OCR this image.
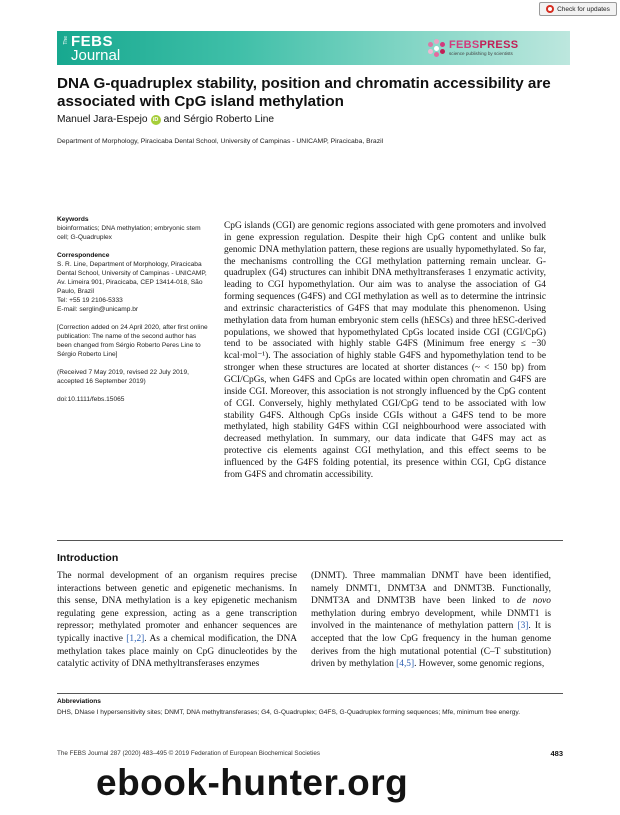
Check for updates
The FEBS
Journal
FEBSPRESS
science publishing by scientists
DNA G-quadruplex stability, position and chromatin accessibility are associated with CpG island methylation
Manuel Jara-Espejo iD and Sérgio Roberto Line
Department of Morphology, Piracicaba Dental School, University of Campinas - UNICAMP, Piracicaba, Brazil

Keywords

bioinformatics; DNA methylation; embryonic stem cell; G-Quadruplex

Correspondence

S. R. Line, Department of Morphology, Piracicaba Dental School, University of Campinas - UNICAMP, Av. Limeira 901, Piracicaba, CEP 13414-018, São Paulo, Brazil

Tel: +55 19 2106-5333

E-mail: serglin@unicamp.br

[Correction added on 24 April 2020, after first online publication: The name of the second author has been changed from Sérgio Roberto Peres Line to Sérgio Roberto Line]

(Received 7 May 2019, revised 22 July 2019, accepted 16 September 2019)

doi:10.1111/febs.15065

CpG islands (CGI) are genomic regions associated with gene promoters and involved in gene expression regulation. Despite their high CpG content and unlike bulk genomic DNA methylation pattern, these regions are usually hypomethylated. So far, the mechanisms controlling the CGI methylation patterning remain unclear. G-quadruplex (G4) structures can inhibit DNA methyltransferases 1 enzymatic activity, leading to CGI hypomethylation. Our aim was to analyse the association of G4 forming sequences (G4FS) and CGI methylation as well as to determine the intrinsic and extrinsic characteristics of G4FS that may modulate this phenomenon. Using methylation data from human embryonic stem cells (hESCs) and three hESC-derived populations, we showed that hypomethylated CpGs located inside CGI (CGI/CpG) tend to be associated with highly stable G4FS (Minimum free energy ≤ −30 kcal·mol⁻¹). The association of highly stable G4FS and hypomethylation tend to be stronger when these structures are located at shorter distances (~ < 150 bp) from GCI/CpGs, when G4FS and CpGs are located within open chromatin and G4FS are inside CGI. Moreover, this association is not strongly influenced by the CpG content of CGI. Conversely, highly methylated CGI/CpG tend to be associated with low stability G4FS. Although CpGs inside CGIs without a G4FS tend to be more methylated, high stability G4FS within CGI neighbourhood were associated with decreased methylation. In summary, our data indicate that G4FS may act as protective cis elements against CGI methylation, and this effect seems to be influenced by the G4FS folding potential, its presence within CGI, CpG distance from G4FS and chromatin accessibility.
Introduction
The normal development of an organism requires precise interactions between genetic and epigenetic mechanisms. In this sense, DNA methylation is a key epigenetic mechanism regulating gene expression, acting as a gene transcription repressor; methylated promoter and enhancer sequences are typically inactive [1,2]. As a chemical modification, the DNA methylation takes place mainly on CpG dinucleotides by the catalytic activity of DNA methyltransferases enzymes
(DNMT). Three mammalian DNMT have been identified, namely DNMT1, DNMT3A and DNMT3B. Functionally, DNMT3A and DNMT3B have been linked to de novo methylation during embryo development, while DNMT1 is involved in the maintenance of methylation pattern [3]. It is accepted that the low CpG frequency in the human genome derives from the high mutational potential (C–T substitution) driven by methylation [4,5]. However, some genomic regions,
Abbreviations
DHS, DNase I hypersensitivity sites; DNMT, DNA methyltransferases; G4, G-Quadruplex; G4FS, G-Quadruplex forming sequences; Mfe, minimum free energy.
The FEBS Journal 287 (2020) 483–495 © 2019 Federation of European Biochemical Societies	483
ebook-hunter.org
